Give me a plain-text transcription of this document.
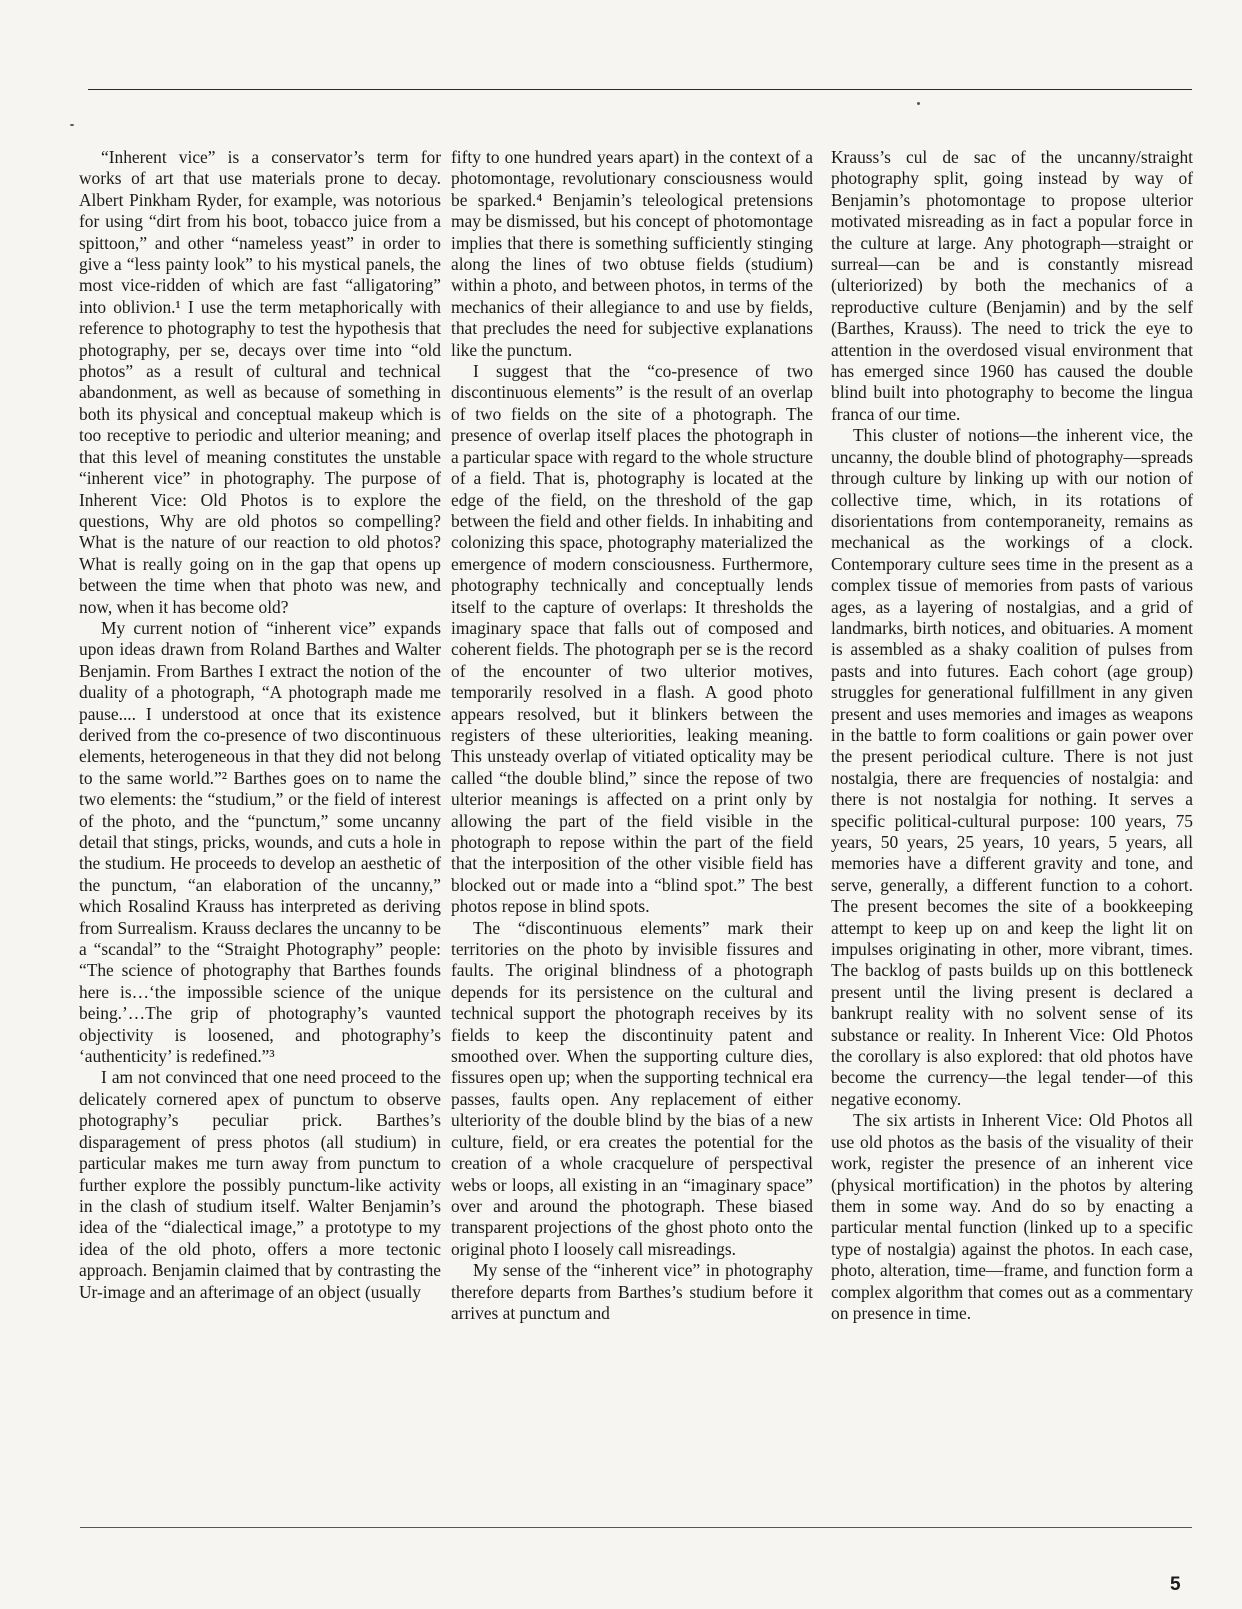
“Inherent vice” is a conservator’s term for works of art that use materials prone to decay. Albert Pinkham Ryder, for example, was notorious for using “dirt from his boot, tobacco juice from a spittoon,” and other “nameless yeast” in order to give a “less painty look” to his mystical panels, the most vice-ridden of which are fast “alligatoring” into oblivion.¹ I use the term metaphorically with reference to photography to test the hypothesis that photography, per se, decays over time into “old photos” as a result of cultural and technical abandonment, as well as because of something in both its physical and conceptual makeup which is too receptive to periodic and ulterior meaning; and that this level of meaning constitutes the unstable “inherent vice” in photography. The purpose of Inherent Vice: Old Photos is to explore the questions, Why are old photos so compelling? What is the nature of our reaction to old photos? What is really going on in the gap that opens up between the time when that photo was new, and now, when it has become old?

My current notion of “inherent vice” expands upon ideas drawn from Roland Barthes and Walter Benjamin. From Barthes I extract the notion of the duality of a photograph, “A photograph made me pause.... I understood at once that its existence derived from the co-presence of two discontinuous elements, heterogeneous in that they did not belong to the same world.”² Barthes goes on to name the two elements: the “studium,” or the field of interest of the photo, and the “punctum,” some uncanny detail that stings, pricks, wounds, and cuts a hole in the studium. He proceeds to develop an aesthetic of the punctum, “an elaboration of the uncanny,” which Rosalind Krauss has interpreted as deriving from Surrealism. Krauss declares the uncanny to be a “scandal” to the “Straight Photography” people: “The science of photography that Barthes founds here is…‘the impossible science of the unique being.’…The grip of photography’s vaunted objectivity is loosened, and photography’s ‘authenticity’ is redefined.”³

I am not convinced that one need proceed to the delicately cornered apex of punctum to observe photography’s peculiar prick. Barthes’s disparagement of press photos (all studium) in particular makes me turn away from punctum to further explore the possibly punctum-like activity in the clash of studium itself. Walter Benjamin’s idea of the “dialectical image,” a prototype to my idea of the old photo, offers a more tectonic approach. Benjamin claimed that by contrasting the Ur-image and an afterimage of an object (usually

fifty to one hundred years apart) in the context of a photomontage, revolutionary consciousness would be sparked.⁴ Benjamin’s teleological pretensions may be dismissed, but his concept of photomontage implies that there is something sufficiently stinging along the lines of two obtuse fields (studium) within a photo, and between photos, in terms of the mechanics of their allegiance to and use by fields, that precludes the need for subjective explanations like the punctum.

I suggest that the “co-presence of two discontinuous elements” is the result of an overlap of two fields on the site of a photograph. The presence of overlap itself places the photograph in a particular space with regard to the whole structure of a field. That is, photography is located at the edge of the field, on the threshold of the gap between the field and other fields. In inhabiting and colonizing this space, photography materialized the emergence of modern consciousness. Furthermore, photography technically and conceptually lends itself to the capture of overlaps: It thresholds the imaginary space that falls out of composed and coherent fields. The photograph per se is the record of the encounter of two ulterior motives, temporarily resolved in a flash. A good photo appears resolved, but it blinkers between the registers of these ulteriorities, leaking meaning. This unsteady overlap of vitiated opticality may be called “the double blind,” since the repose of two ulterior meanings is affected on a print only by allowing the part of the field visible in the photograph to repose within the part of the field that the interposition of the other visible field has blocked out or made into a “blind spot.” The best photos repose in blind spots.

The “discontinuous elements” mark their territories on the photo by invisible fissures and faults. The original blindness of a photograph depends for its persistence on the cultural and technical support the photograph receives by its fields to keep the discontinuity patent and smoothed over. When the supporting culture dies, fissures open up; when the supporting technical era passes, faults open. Any replacement of either ulteriority of the double blind by the bias of a new culture, field, or era creates the potential for the creation of a whole cracquelure of perspectival webs or loops, all existing in an “imaginary space” over and around the photograph. These biased transparent projections of the ghost photo onto the original photo I loosely call misreadings.

My sense of the “inherent vice” in photography therefore departs from Barthes’s studium before it arrives at punctum and

Krauss’s cul de sac of the uncanny/straight photography split, going instead by way of Benjamin’s photomontage to propose ulterior motivated misreading as in fact a popular force in the culture at large. Any photograph—straight or surreal—can be and is constantly misread (ulteriorized) by both the mechanics of a reproductive culture (Benjamin) and by the self (Barthes, Krauss). The need to trick the eye to attention in the overdosed visual environment that has emerged since 1960 has caused the double blind built into photography to become the lingua franca of our time.

This cluster of notions—the inherent vice, the uncanny, the double blind of photography—spreads through culture by linking up with our notion of collective time, which, in its rotations of disorientations from contemporaneity, remains as mechanical as the workings of a clock. Contemporary culture sees time in the present as a complex tissue of memories from pasts of various ages, as a layering of nostalgias, and a grid of landmarks, birth notices, and obituaries. A moment is assembled as a shaky coalition of pulses from pasts and into futures. Each cohort (age group) struggles for generational fulfillment in any given present and uses memories and images as weapons in the battle to form coalitions or gain power over the present periodical culture. There is not just nostalgia, there are frequencies of nostalgia: and there is not nostalgia for nothing. It serves a specific political-cultural purpose: 100 years, 75 years, 50 years, 25 years, 10 years, 5 years, all memories have a different gravity and tone, and serve, generally, a different function to a cohort. The present becomes the site of a bookkeeping attempt to keep up on and keep the light lit on impulses originating in other, more vibrant, times. The backlog of pasts builds up on this bottleneck present until the living present is declared a bankrupt reality with no solvent sense of its substance or reality. In Inherent Vice: Old Photos the corollary is also explored: that old photos have become the currency—the legal tender—of this negative economy.

The six artists in Inherent Vice: Old Photos all use old photos as the basis of the visuality of their work, register the presence of an inherent vice (physical mortification) in the photos by altering them in some way. And do so by enacting a particular mental function (linked up to a specific type of nostalgia) against the photos. In each case, photo, alteration, time—frame, and function form a complex algorithm that comes out as a commentary on presence in time.

5
